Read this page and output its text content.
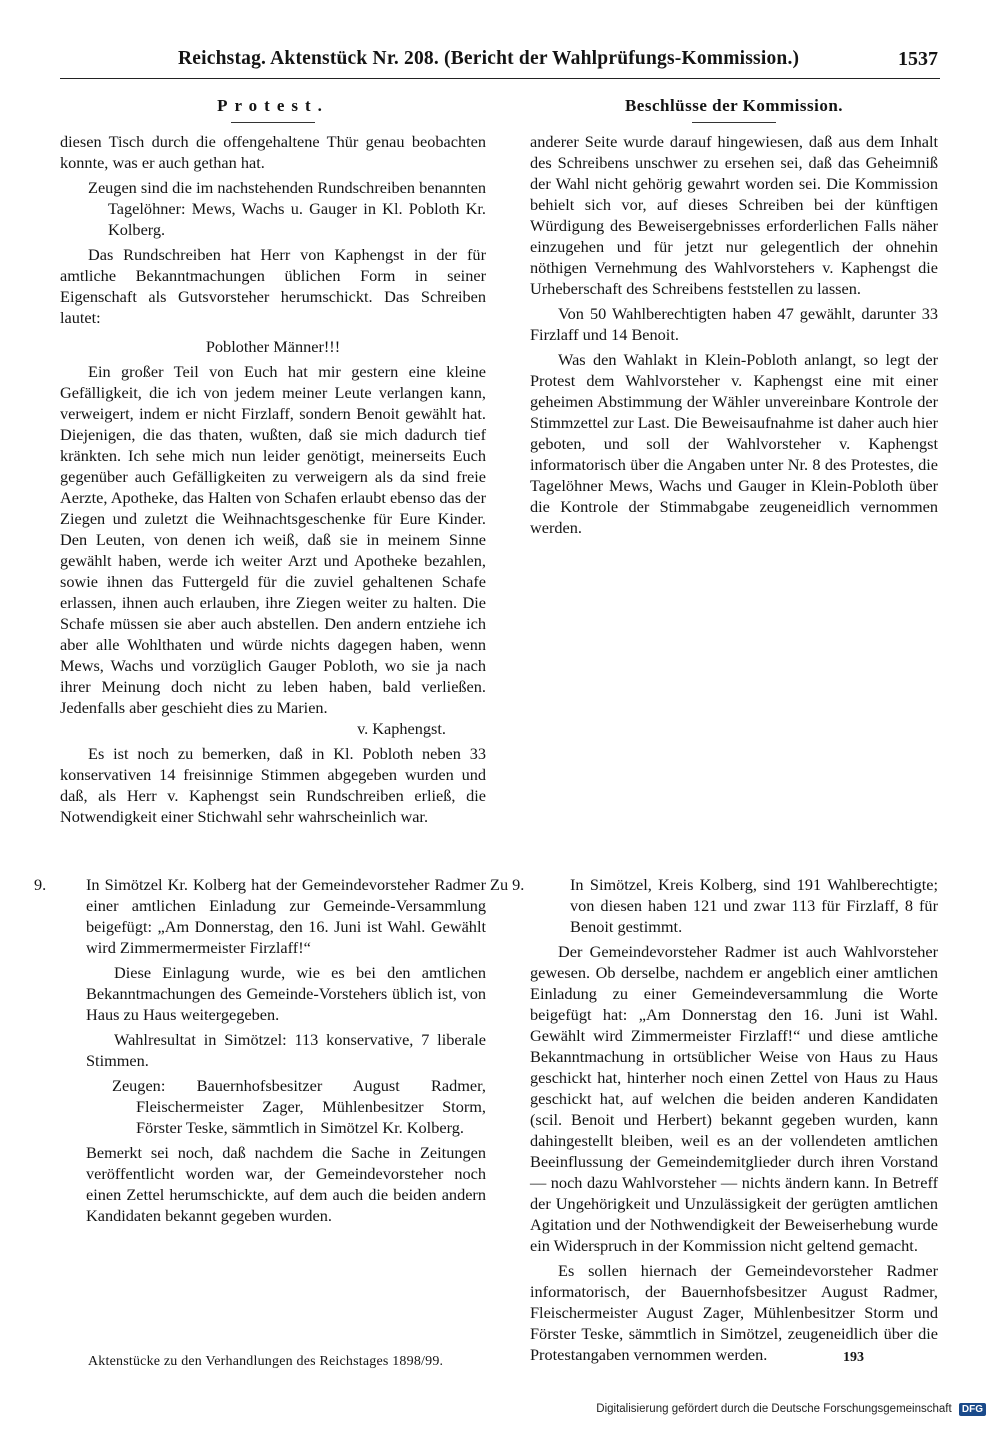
Reichstag. Aktenstück Nr. 208. (Bericht der Wahlprüfungs-Kommission.)	1537
Protest.

diesen Tisch durch die offengehaltene Thür genau beobachten konnte, was er auch gethan hat.

Zeugen sind die im nachstehenden Rundschreiben benannten Tagelöhner: Mews, Wachs u. Gauger in Kl. Pobloth Kr. Kolberg.

Das Rundschreiben hat Herr von Kaphengst in der für amtliche Bekanntmachungen üblichen Form in seiner Eigenschaft als Gutsvorsteher herumschickt. Das Schreiben lautet:

Poblother Männer!!!

Ein großer Teil von Euch hat mir gestern eine kleine Gefälligkeit, die ich von jedem meiner Leute verlangen kann, verweigert, indem er nicht Firzlaff, sondern Benoit gewählt hat. Diejenigen, die das thaten, wußten, daß sie mich dadurch tief kränkten. Ich sehe mich nun leider genötigt, meinerseits Euch gegenüber auch Gefälligkeiten zu verweigern als da sind freie Aerzte, Apotheke, das Halten von Schafen erlaubt ebenso das der Ziegen und zuletzt die Weihnachtsgeschenke für Eure Kinder. Den Leuten, von denen ich weiß, daß sie in meinem Sinne gewählt haben, werde ich weiter Arzt und Apotheke bezahlen, sowie ihnen das Futtergeld für die zuviel gehaltenen Schafe erlassen, ihnen auch erlauben, ihre Ziegen weiter zu halten. Die Schafe müssen sie aber auch abstellen. Den andern entziehe ich aber alle Wohlthaten und würde nichts dagegen haben, wenn Mews, Wachs und vorzüglich Gauger Pobloth, wo sie ja nach ihrer Meinung doch nicht zu leben haben, bald verließen. Jedenfalls aber geschieht dies zu Marien.

v. Kaphengst.

Es ist noch zu bemerken, daß in Kl. Pobloth neben 33 konservativen 14 freisinnige Stimmen abgegeben wurden und daß, als Herr v. Kaphengst sein Rundschreiben erließ, die Notwendigkeit einer Stichwahl sehr wahrscheinlich war.

Beschlüsse der Kommission.

anderer Seite wurde darauf hingewiesen, daß aus dem Inhalt des Schreibens unschwer zu ersehen sei, daß das Geheimniß der Wahl nicht gehörig gewahrt worden sei. Die Kommission behielt sich vor, auf dieses Schreiben bei der künftigen Würdigung des Beweisergebnisses erforderlichen Falls näher einzugehen und für jetzt nur gelegentlich der ohnehin nöthigen Vernehmung des Wahlvorstehers v. Kaphengst die Urheberschaft des Schreibens feststellen zu lassen.

Von 50 Wahlberechtigten haben 47 gewählt, darunter 33 Firzlaff und 14 Benoit.

Was den Wahlakt in Klein-Pobloth anlangt, so legt der Protest dem Wahlvorsteher v. Kaphengst eine mit einer geheimen Abstimmung der Wähler unvereinbare Kontrole der Stimmzettel zur Last. Die Beweisaufnahme ist daher auch hier geboten, und soll der Wahlvorsteher v. Kaphengst informatorisch über die Angaben unter Nr. 8 des Protestes, die Tagelöhner Mews, Wachs und Gauger in Klein-Pobloth über die Kontrole der Stimmabgabe zeugeneidlich vernommen werden.

9. In Simötzel Kr. Kolberg hat der Gemeindevorsteher Radmer einer amtlichen Einladung zur Gemeinde-Versammlung beigefügt: „Am Donnerstag, den 16. Juni ist Wahl. Gewählt wird Zimmermermeister Firzlaff!“

Diese Einlagung wurde, wie es bei den amtlichen Bekanntmachungen des Gemeinde-Vorstehers üblich ist, von Haus zu Haus weitergegeben.

Wahlresultat in Simötzel: 113 konservative, 7 liberale Stimmen.

Zeugen: Bauernhofsbesitzer August Radmer, Fleischermeister Zager, Mühlenbesitzer Storm, Förster Teske, sämmtlich in Simötzel Kr. Kolberg.

Bemerkt sei noch, daß nachdem die Sache in Zeitungen veröffentlicht worden war, der Gemeindevorsteher noch einen Zettel herumschickte, auf dem auch die beiden andern Kandidaten bekannt gegeben wurden.

Zu 9.	In Simötzel, Kreis Kolberg, sind 191 Wahlberechtigte; von diesen haben 121 und zwar 113 für Firzlaff, 8 für Benoit gestimmt.

Der Gemeindevorsteher Radmer ist auch Wahlvorsteher gewesen. Ob derselbe, nachdem er angeblich einer amtlichen Einladung zu einer Gemeindeversammlung die Worte beigefügt hat: „Am Donnerstag den 16. Juni ist Wahl. Gewählt wird Zimmermeister Firzlaff!“ und diese amtliche Bekanntmachung in ortsüblicher Weise von Haus zu Haus geschickt hat, hinterher noch einen Zettel von Haus zu Haus geschickt hat, auf welchen die beiden anderen Kandidaten (scil. Benoit und Herbert) bekannt gegeben wurden, kann dahingestellt bleiben, weil es an der vollendeten amtlichen Beeinflussung der Gemeindemitglieder durch ihren Vorstand — noch dazu Wahlvorsteher — nichts ändern kann. In Betreff der Ungehörigkeit und Unzulässigkeit der gerügten amtlichen Agitation und der Nothwendigkeit der Beweiserhebung wurde ein Widerspruch in der Kommission nicht geltend gemacht.

Es sollen hiernach der Gemeindevorsteher Radmer informatorisch, der Bauernhofsbesitzer August Radmer, Fleischermeister August Zager, Mühlenbesitzer Storm und Förster Teske, sämmtlich in Simötzel, zeugeneidlich über die Protestangaben vernommen werden.

Aktenstücke zu den Verhandlungen des Reichstages 1898/99.	193
Digitalisierung gefördert durch die Deutsche Forschungsgemeinschaft DFG
